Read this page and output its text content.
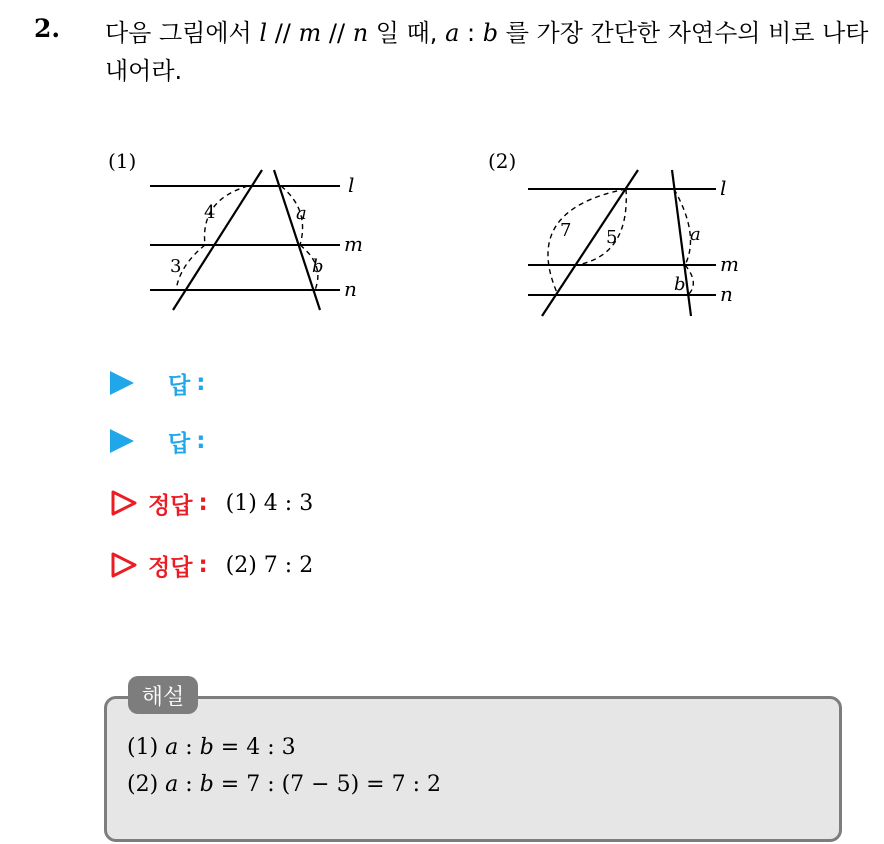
2. 다음 그림에서 l // m // n 일 때, a : b 를 가장 간단한 자연수의 비로 나타내어라.
(1)
l
m
n
4
3
a
b
(2)
l
m
n
7 5	a
b
답 :
답 :
정답 : (1) 4 : 3
정답 : (2) 7 : 2
해설
(1) a : b = 4 : 3
(2) a : b = 7 : (7 − 5) = 7 : 2
